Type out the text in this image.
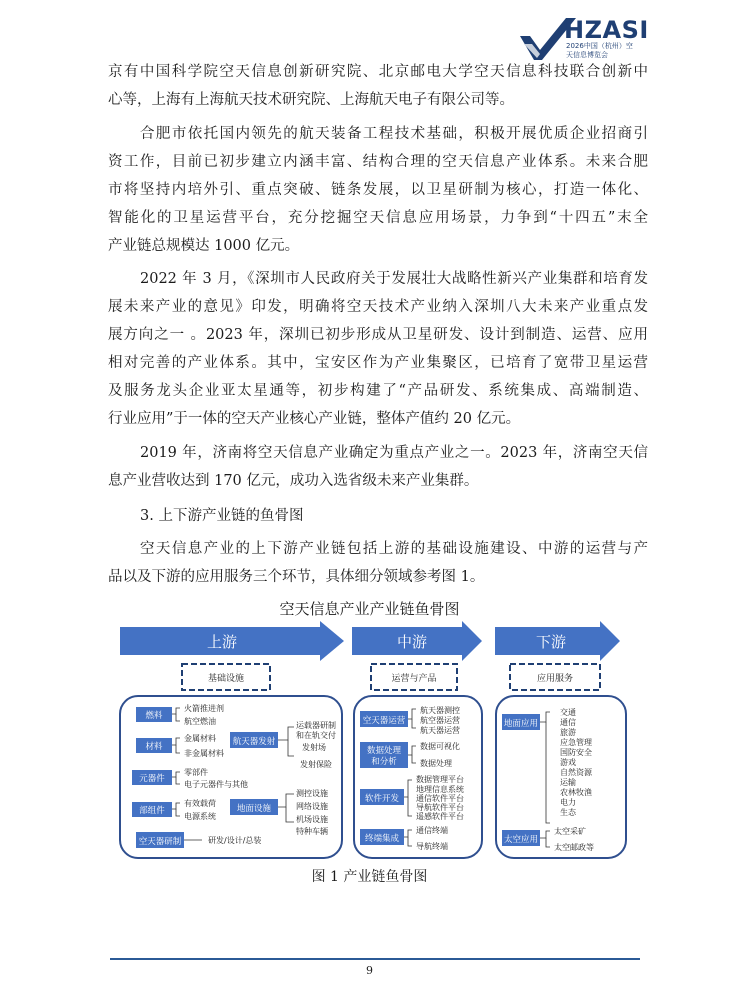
HZASI
2026中国（杭州）空
天信息博览会
京有中国科学院空天信息创新研究院、北京邮电大学空天信息科技联合创新中
心等，上海有上海航天技术研究院、上海航天电子有限公司等。
合肥市依托国内领先的航天装备工程技术基础，积极开展优质企业招商引
资工作，目前已初步建立内涵丰富、结构合理的空天信息产业体系。未来合肥
市将坚持内培外引、重点突破、链条发展，以卫星研制为核心，打造一体化、
智能化的卫星运营平台，充分挖掘空天信息应用场景，力争到“十四五”末全
产业链总规模达 1000 亿元。
2022 年 3 月，《深圳市人民政府关于发展壮大战略性新兴产业集群和培育发
展未来产业的意见》印发，明确将空天技术产业纳入深圳八大未来产业重点发
展方向之一 。2023 年，深圳已初步形成从卫星研发、设计到制造、运营、应用
相对完善的产业体系。其中，宝安区作为产业集聚区，已培育了宽带卫星运营
及服务龙头企业亚太星通等，初步构建了“产品研发、系统集成、高端制造、
行业应用”于一体的空天产业核心产业链，整体产值约 20 亿元。
2019 年，济南将空天信息产业确定为重点产业之一。2023 年，济南空天信
息产业营收达到 170 亿元，成功入选省级未来产业集群。
3. 上下游产业链的鱼骨图
空天信息产业的上下游产业链包括上游的基础设施建设、中游的运营与产
品以及下游的应用服务三个环节，具体细分领域参考图 1。
空天信息产业产业链鱼骨图
上游	中游	下游
基础设施	运营与产品	应用服务
燃料
火箭推进剂
航空燃油
材料
金属材料
非金属材料
元器件
零部件
电子元器件与其他
部组件
有效载荷
电源系统
航天器发射
运载器研制
和在轨交付
发射场
发射保险
地面设施
测控设施
网络设施
机场设施
特种车辆
空天器研制	研发/设计/总装
空天器运营
航天器测控
航空器运营
航天器运营
数据处理
和分析
数据可视化
数据处理
软件开发
数据管理平台
地理信息系统
通信软件平台
导航软件平台
遥感软件平台
终端集成
通信终端
导航终端
地面应用
交通
通信
旅游
应急管理
国防安全
游戏
自然资源
运输
农林牧渔
电力
生态
太空应用
太空采矿
太空邮政等
图 1 产业链鱼骨图
9
